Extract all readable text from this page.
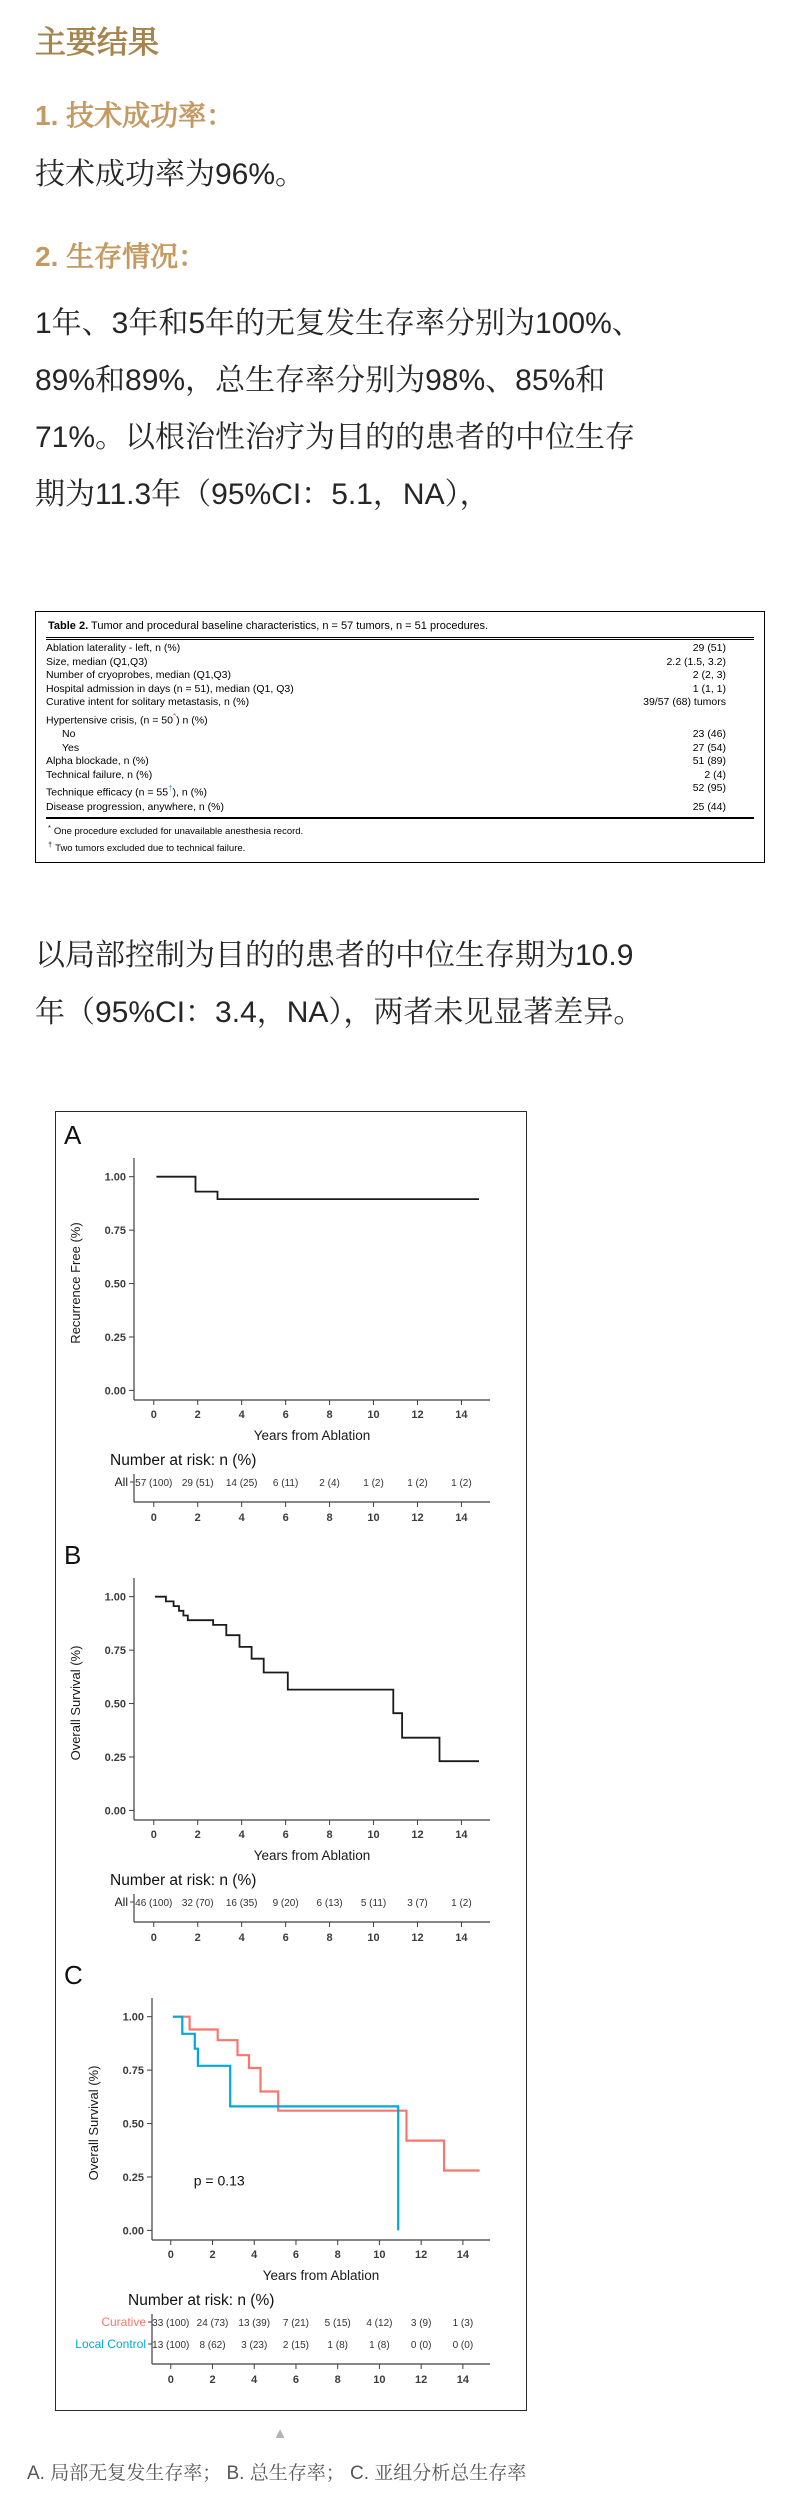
主要结果
1. 技术成功率：
技术成功率为96%。
2. 生存情况：
1年、3年和5年的无复发生存率分别为100%、
89%和89%，总生存率分别为98%、85%和
71%。以根治性治疗为目的的患者的中位生存
期为11.3年（95%CI：5.1，NA），
Table 2. Tumor and procedural baseline characteristics, n = 57 tumors, n = 51 procedures.
Ablation laterality - left, n (%)	29 (51)
Size, median (Q1,Q3)	2.2 (1.5, 3.2)
Number of cryoprobes, median (Q1,Q3)	2 (2, 3)
Hospital admission in days (n = 51), median (Q1, Q3)	1 (1, 1)
Curative intent for solitary metastasis, n (%)	39/57 (68) tumors
Hypertensive crisis, (n = 50*) n (%)
No	23 (46)
Yes	27 (54)
Alpha blockade, n (%)	51 (89)
Technical failure, n (%)	2 (4)
Technique efficacy (n = 55†), n (%)	52 (95)
Disease progression, anywhere, n (%)	25 (44)
* One procedure excluded for unavailable anesthesia record.
† Two tumors excluded due to technical failure.
以局部控制为目的的患者的中位生存期为10.9
年（95%CI：3.4，NA），两者未见显著差异。
A
0	2	4	6	8	10	12	14
1.00
0.75
0.50
0.25
0.00
Years from Ablation
Recurrence Free (%)
Number at risk: n (%)
All 57 (100) 29 (51) 14 (25) 6 (11) 2 (4) 1 (2) 1 (2) 1 (2)
0	2	4	6	8	10	12	14
B
0	2	4	6	8	10	12	14
1.00
0.75
0.50
0.25
0.00
Years from Ablation
Overall Survival (%)
Number at risk: n (%)
All 46 (100) 32 (70) 16 (35) 9 (20) 6 (13) 5 (11) 3 (7) 1 (2)
0	2	4	6	8	10	12	14
C
0	2	4	6	8	10	12	14
1.00
0.75
0.50
0.25
0.00
Years from Ablation
Overall Survival (%)
p = 0.13
Number at risk: n (%)
Curative 33 (100) 24 (73) 13 (39) 7 (21) 5 (15) 4 (12) 3 (9) 1 (3)
Local Control 13 (100) 8 (62) 3 (23) 2 (15) 1 (8) 1 (8) 0 (0) 0 (0)
0	2	4	6	8	10	12	14
▲
A. 局部无复发生存率； B. 总生存率； C. 亚组分析总生存率
